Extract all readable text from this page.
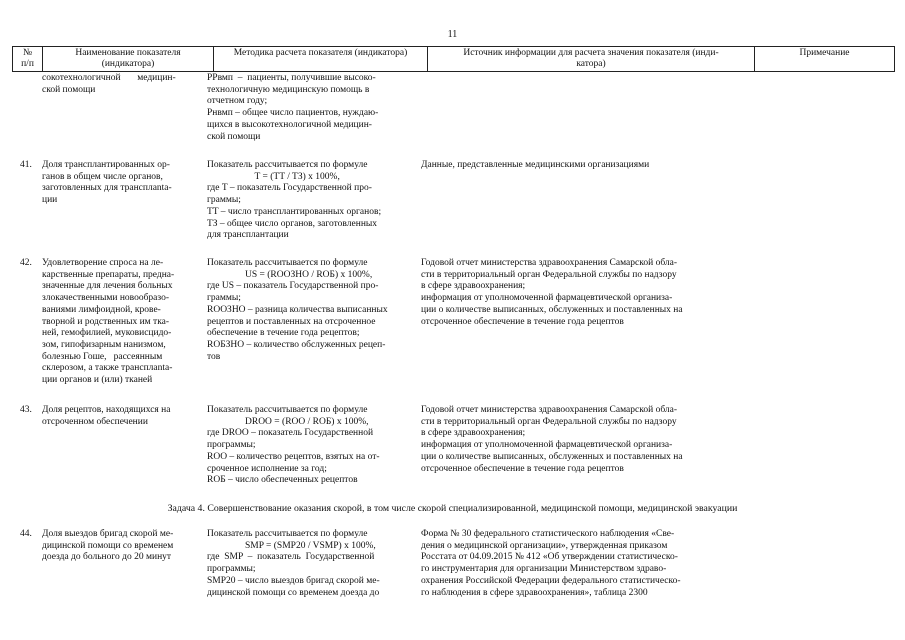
11
№
п/п
Наименование показателя
(индикатора)
Методика расчета показателя (индикатора)	Источник информации для расчета значения показателя (инди-
катора)
Примечание
сокотехнологичной       медицин-
ской помощи
PPвмп  –  пациенты, получившие высоко-
технологичную медицинскую помощь в
отчетном году;
Pнвмп – общее число пациентов, нуждаю-
щихся в высокотехнологичной медицин-
ской помощи
41. Доля трансплантированных ор-
ганов в общем числе органов,
заготовленных для трансплanta-
ции
Показатель рассчитывается по формуле
T = (TT / TЗ) x 100%,
где T – показатель Государственной про-
граммы;
TT – число трансплантированных органов;
TЗ – общее число органов, заготовленных
для трансплантации
Данные, представленные медицинскими организациями
42. Удовлетворение спроса на ле-
карственные препараты, предна-
значенные для лечения больных
злокачественными новообразо-
ваниями лимфоидной, крове-
творной и родственных им тка-
ней, гемофилией, муковисцидо-
зом, гипофизарным нанизмом,
болезнью Гоше,   рассеянным
склерозом, а также трансплanta-
ции органов и (или) тканей
Показатель рассчитывается по формуле
US = (RООЗНО / RОБ) x 100%,
где US – показатель Государственной про-
граммы;
RООЗНО – разница количества выписанных
рецептов и поставленных на отсроченное
обеспечение в течение года рецептов;
RОБЗНО – количество обслуженных рецеп-
тов
Годовой отчет министерства здравоохранения Самарской обла-
сти в территориальный орган Федеральной службы по надзору
в сфере здравоохранения;
информация от уполномоченной фармацевтической организа-
ции о количестве выписанных, обслуженных и поставленных на
отсроченное обеспечение в течение года рецептов
43. Доля рецептов, находящихся на
отсроченном обеспечении
Показатель рассчитывается по формуле
DRОО = (RОО / RОБ) x 100%,
где DRОО – показатель Государственной
программы;
RОО – количество рецептов, взятых на от-
сроченное исполнение за год;
RОБ – число обеспеченных рецептов
Годовой отчет министерства здравоохранения Самарской обла-
сти в территориальный орган Федеральной службы по надзору
в сфере здравоохранения;
информация от уполномоченной фармацевтической организа-
ции о количестве выписанных, обслуженных и поставленных на
отсроченное обеспечение в течение года рецептов
Задача 4. Совершенствование оказания скорой, в том числе скорой специализированной, медицинской помощи, медицинской эвакуации
44. Доля выездов бригад скорой ме-
дицинской помощи со временем
доезда до больного до 20 минут
Показатель рассчитывается по формуле
SMP = (SMP20 / VSMP) x 100%,
где  SMP  –  показатель  Государственной
программы;
SMP20 – число выездов бригад скорой ме-
дицинской помощи со временем доезда до
Форма № 30 федерального статистического наблюдения «Све-
дения о медицинской организации», утвержденная приказом
Росстата от 04.09.2015 № 412 «Об утверждении статистическо-
го инструментария для организации Министерством здраво-
охранения Российской Федерации федерального статистическо-
го наблюдения в сфере здравоохранения», таблица 2300
